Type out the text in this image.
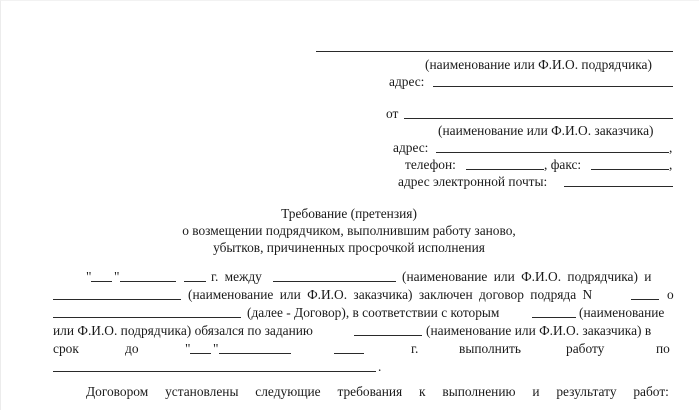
(наименование или Ф.И.О. подрядчика)
адрес:
от
(наименование или Ф.И.О. заказчика)
адрес:	,
телефон:	, факс:	,
адрес электронной почты:
Требование (претензия)
о возмещении подрядчиком, выполнившим работу заново,
убытков, причиненных просрочкой исполнения
" "	г. между	(наименование или Ф.И.О. подрядчика) и
(наименование или Ф.И.О. заказчика) заключен договор подряда N	о
(далее - Договор), в соответствии с которым	(наименование
или Ф.И.О. подрядчика) обязался по заданию	(наименование или Ф.И.О. заказчика) в
срок	до	" "	г.	выполнить	работу	по
.
Договором установлены следующие требования к выполнению и результату работ:
